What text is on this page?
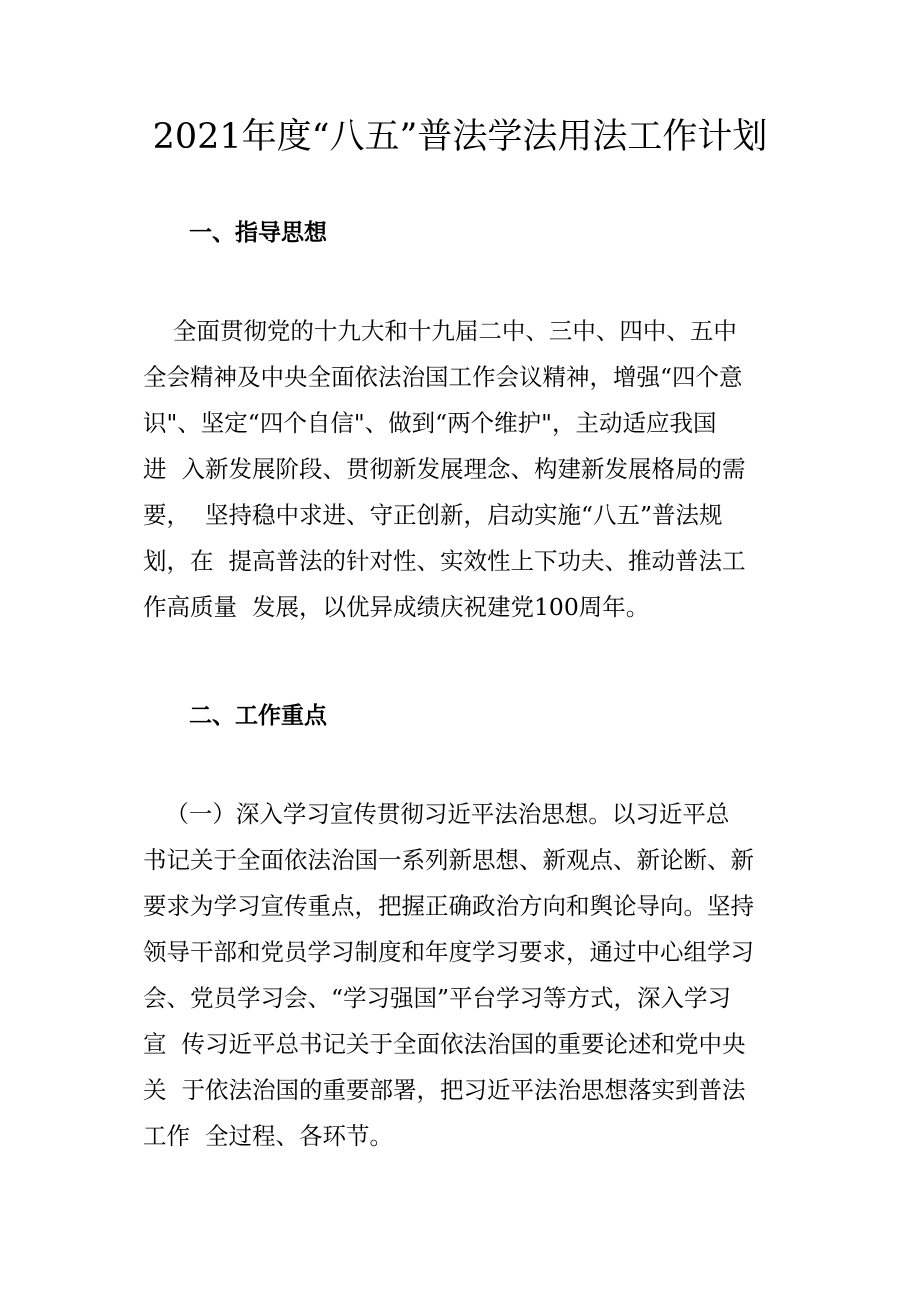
2021年度“八五”普法学法用法工作计划
一、指导思想

全面贯彻党的十九大和十九届二中、三中、四中、五中
全会精神及中央全面依法治国工作会议精神，增强“四个意
识"、坚定“四个自信"、做到“两个维护"，主动适应我国
进  入新发展阶段、贯彻新发展理念、构建新发展格局的需
要，  坚持稳中求进、守正创新，启动实施“八五”普法规
划，在  提高普法的针对性、实效性上下功夫、推动普法工
作高质量  发展，以优异成绩庆祝建党100周年。

二、工作重点

（一）深入学习宣传贯彻习近平法治思想。以习近平总
书记关于全面依法治国一系列新思想、新观点、新论断、新
要求为学习宣传重点，把握正确政治方向和舆论导向。坚持
领导干部和党员学习制度和年度学习要求，通过中心组学习
会、党员学习会、“学习强国”平台学习等方式，深入学习
宣  传习近平总书记关于全面依法治国的重要论述和党中央
关  于依法治国的重要部署，把习近平法治思想落实到普法
工作  全过程、各环节。
